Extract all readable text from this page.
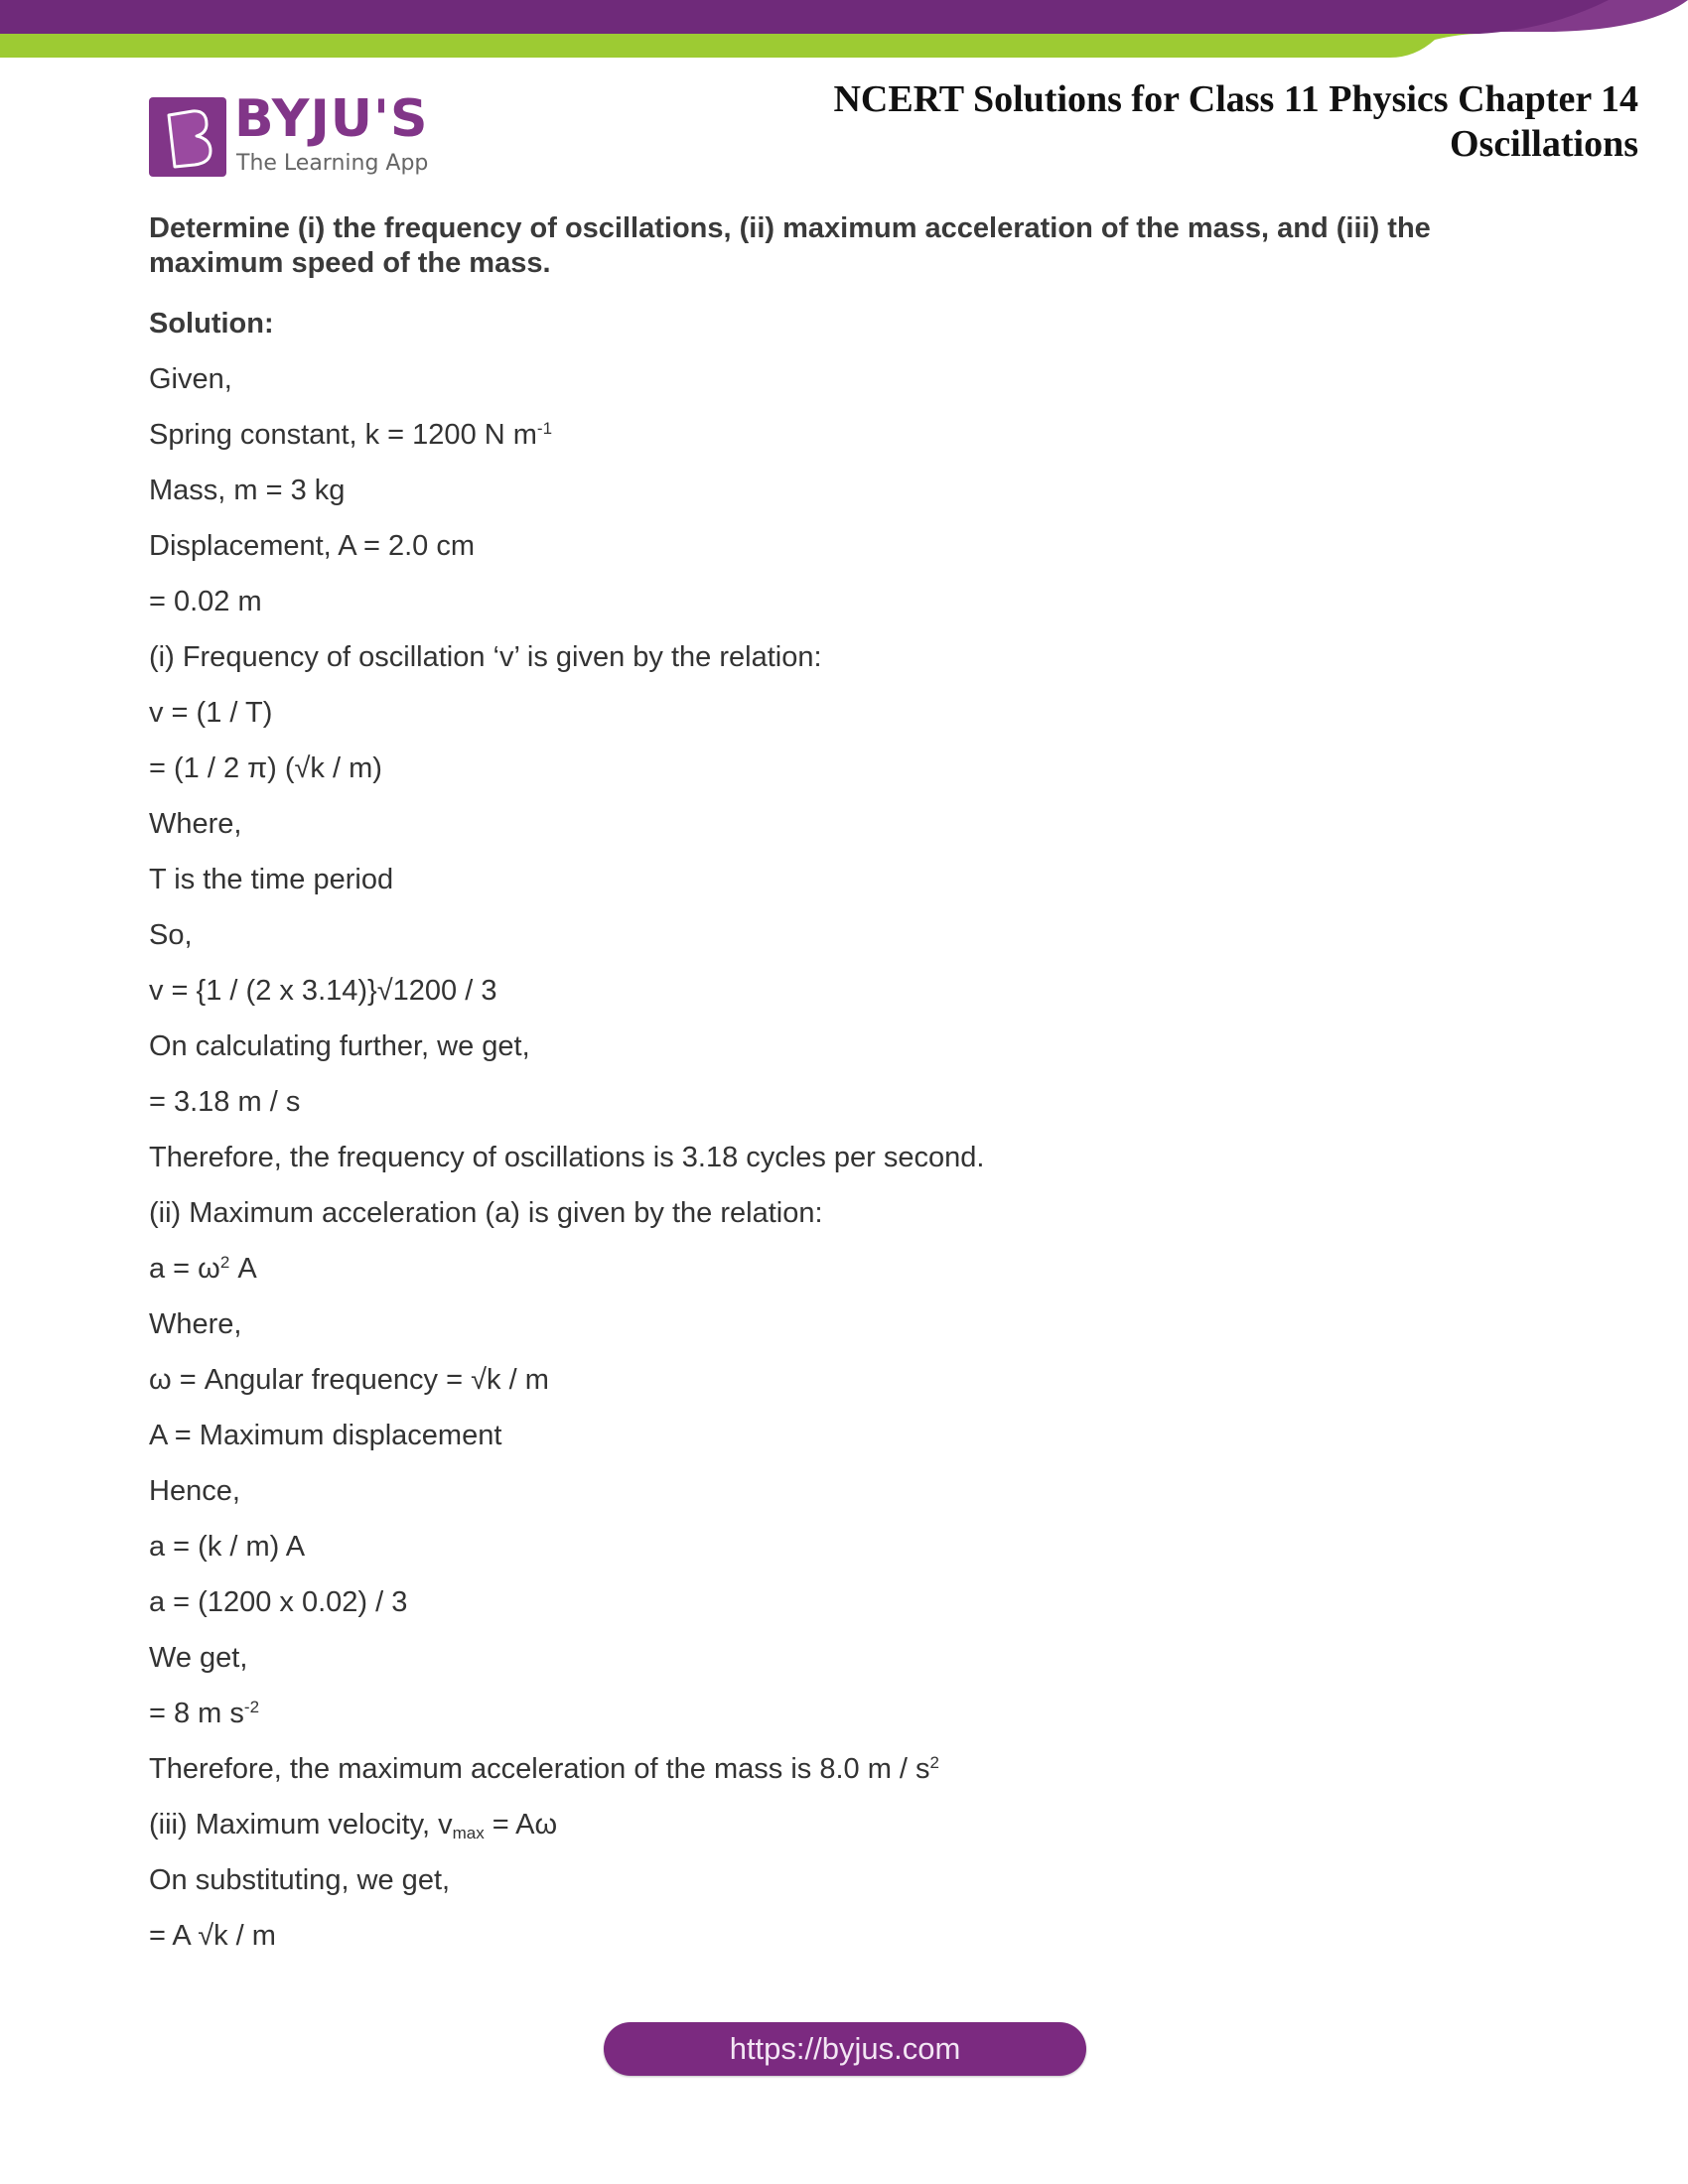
BYJU'S
The Learning App
NCERT Solutions for Class 11 Physics Chapter 14
Oscillations

Determine (i) the frequency of oscillations, (ii) maximum acceleration of the mass, and (iii) the maximum speed of the mass.

Solution:

Given,

Spring constant, k = 1200 N $m^{-1}$

Mass, m = 3 kg

Displacement, A = 2.0 cm

= 0.02 m

(i) Frequency of oscillation ‘v’ is given by the relation:

v = (1 / T)

= (1 / 2 π) (√k / m)

Where,

T is the time period

So,

v = {1 / (2 x 3.14)}√1200 / 3

On calculating further, we get,

= 3.18 m / s

Therefore, the frequency of oscillations is 3.18 cycles per second.

(ii) Maximum acceleration (a) is given by the relation:

$a = \omega^2$ A

Where,

ω = Angular frequency = √k / m

A = Maximum displacement

Hence,

a = (k / m) A

a = (1200 x 0.02) / 3

We get,

= 8 m $s^{-2}$

Therefore, the maximum acceleration of the mass is 8.0 m / $s^2$

(iii) Maximum velocity, $v_{max} = A\omega$

On substituting, we get,

= A √k / m

https://byjus.com
